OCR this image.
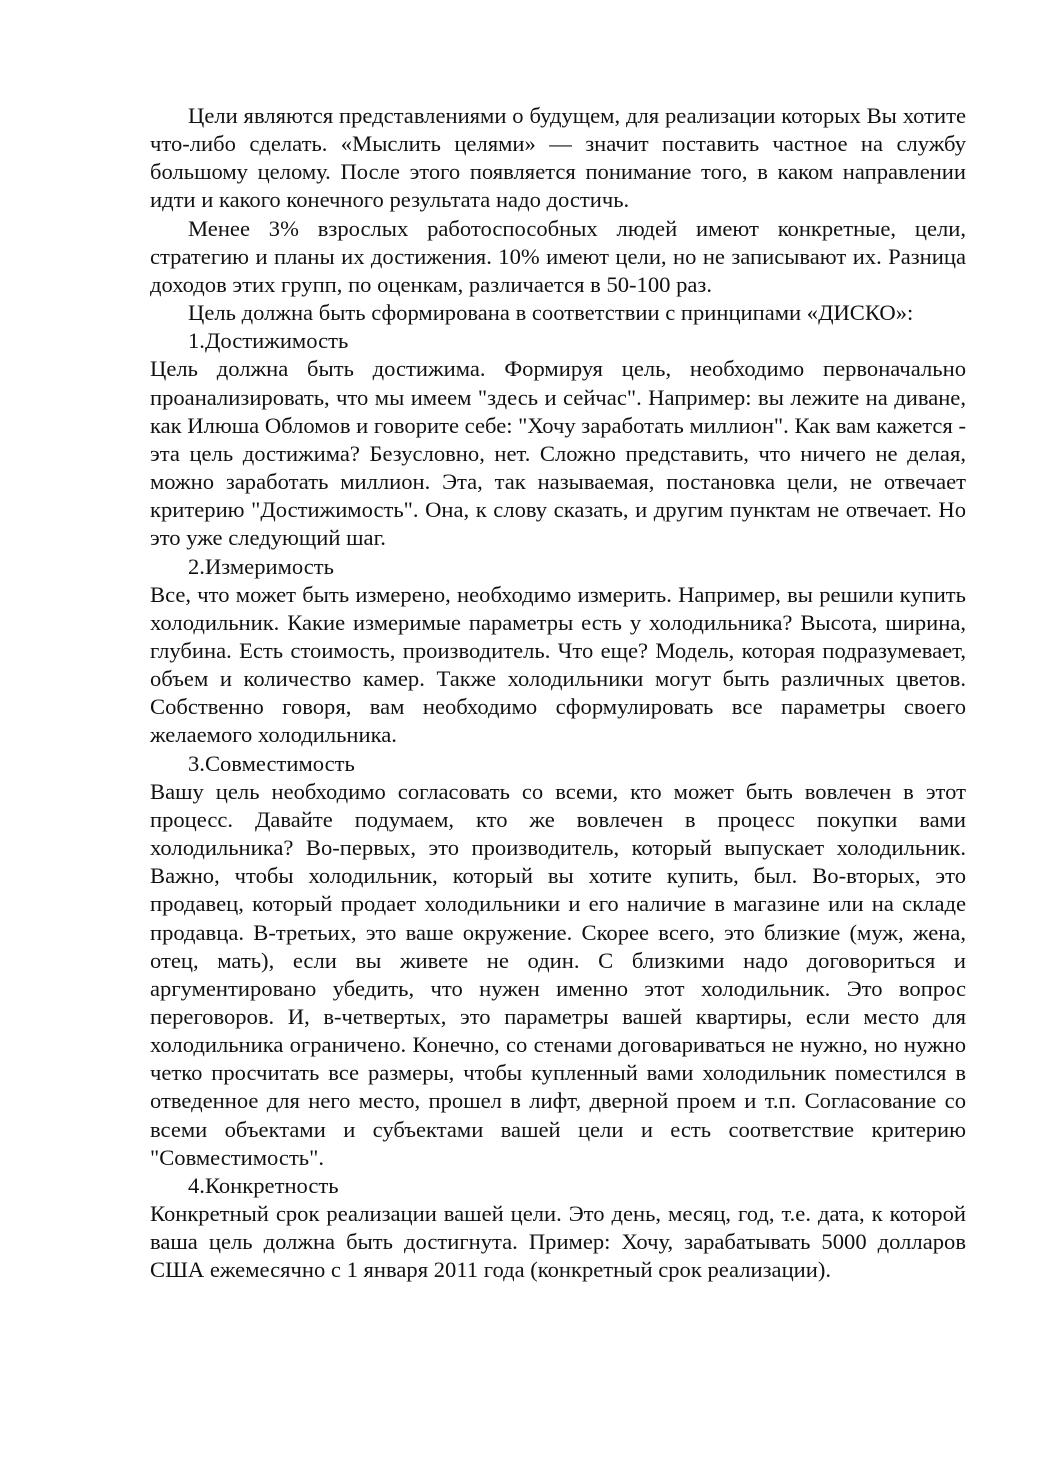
Цели являются представлениями о будущем, для реализации которых Вы хотите что-либо сделать. «Мыслить целями» — значит поставить частное на службу большому целому. После этого появляется понимание того, в каком направлении идти и какого конечного результата надо достичь.

Менее 3% взрослых работоспособных людей имеют конкретные, цели, стратегию и планы их достижения. 10% имеют цели, но не записывают их. Разница доходов этих групп, по оценкам, различается в 50-100 раз.

Цель должна быть сформирована в соответствии с принципами «ДИСКО»:

1.Достижимость

Цель должна быть достижима. Формируя цель, необходимо первоначально проанализировать, что мы имеем "здесь и сейчас". Например: вы лежите на диване, как Илюша Обломов и говорите себе: "Хочу заработать миллион". Как вам кажется - эта цель достижима? Безусловно, нет. Сложно представить, что ничего не делая, можно заработать миллион. Эта, так называемая, постановка цели, не отвечает критерию "Достижимость". Она, к слову сказать, и другим пунктам не отвечает. Но это уже следующий шаг.

2.Измеримость

Все, что может быть измерено, необходимо измерить. Например, вы решили купить холодильник. Какие измеримые параметры есть у холодильника? Высота, ширина, глубина. Есть стоимость, производитель. Что еще? Модель, которая подразумевает, объем и количество камер. Также холодильники могут быть различных цветов. Собственно говоря, вам необходимо сформулировать все параметры своего желаемого холодильника.

3.Совместимость

Вашу цель необходимо согласовать со всеми, кто может быть вовлечен в этот процесс. Давайте подумаем, кто же вовлечен в процесс покупки вами холодильника? Во-первых, это производитель, который выпускает холодильник. Важно, чтобы холодильник, который вы хотите купить, был. Во-вторых, это продавец, который продает холодильники и его наличие в магазине или на складе продавца. В-третьих, это ваше окружение. Скорее всего, это близкие (муж, жена, отец, мать), если вы живете не один. С близкими надо договориться и аргументировано убедить, что нужен именно этот холодильник. Это вопрос переговоров. И, в-четвертых, это параметры вашей квартиры, если место для холодильника ограничено. Конечно, со стенами договариваться не нужно, но нужно четко просчитать все размеры, чтобы купленный вами холодильник поместился в отведенное для него место, прошел в лифт, дверной проем и т.п. Согласование со всеми объектами и субъектами вашей цели и есть соответствие критерию "Совместимость".

4.Конкретность

Конкретный срок реализации вашей цели. Это день, месяц, год, т.е. дата, к которой ваша цель должна быть достигнута. Пример: Хочу, зарабатывать 5000 долларов США ежемесячно с 1 января 2011 года (конкретный срок реализации).
